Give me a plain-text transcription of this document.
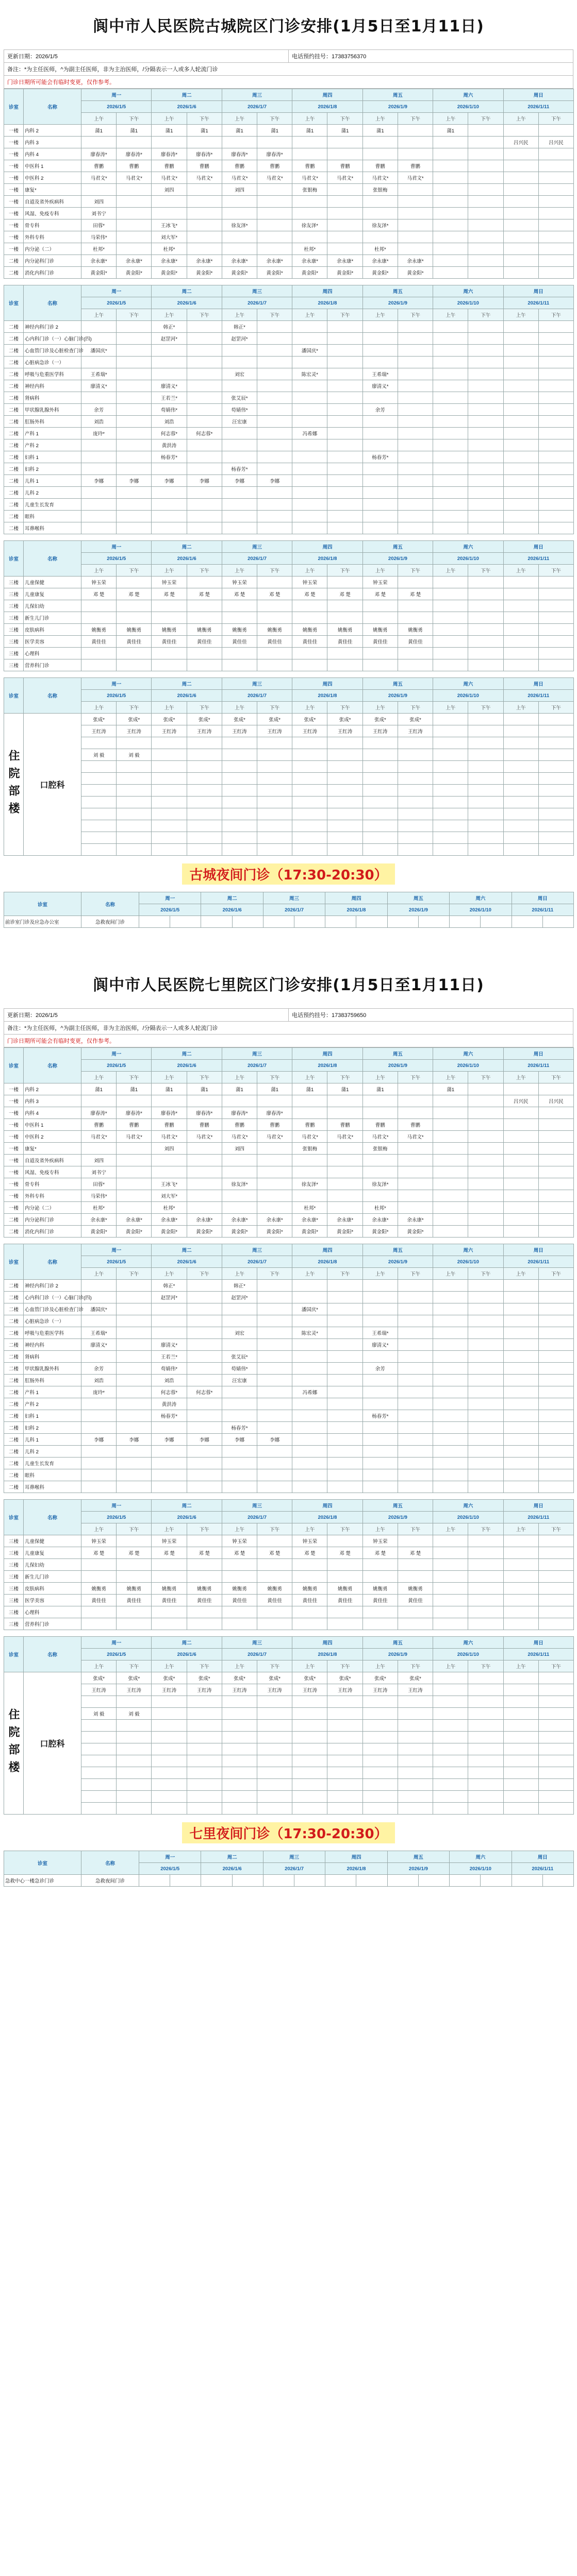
阆中市人民医院古城院区门诊安排(1月5日至1月11日)
更新日期：2026/1/5	电话预约挂号：17383756370
备注：*为主任医师，^为副主任医师，非为主治医师，/分隔表示一人或多人轮流门诊
门诊日期所可能会有临时变更，仅作参考。
诊室	名称	周一		周二		周三		周四		周五		周六		周日	
		2026/1/5		2026/1/6		2026/1/7		2026/1/8		2026/1/9		2026/1/10		2026/1/11	
		上午	下午	上午	下午	上午	下午	上午	下午	上午	下午	上午	下午	上午	下午
一楼	内科 2	蒲1	蒲1	蒲1	蒲1	蒲1	蒲1	蒲1	蒲1	蒲1		蒲1			
一楼	内科 3													吕兴民	吕兴民
一楼	内科 4	廖春涛*	廖春涛*	廖春涛*	廖春涛*	廖春涛*	廖春涛*								
一楼	中医科 1	曹鹏	曹鹏	曹鹏	曹鹏	曹鹏	曹鹏	曹鹏	曹鹏	曹鹏	曹鹏				
一楼	中医科 2	马君文*	马君文*	马君文*	马君文*	马君文*	马君文*	马君文*	马君文*	马君文*	马君文*				
一楼	康复*			刘四		刘四		张银梅		张银梅					
一楼	自道及省外疾病科	刘四													
一楼	风湿、免疫专科	刘书宁													
一楼	骨专科	田蓉*		王冰飞*		徐友泽*		徐友泽*		徐友泽*					
一楼	外科专科	马荣伟*		刘大军*											
一楼	内分泌（二）	杜邦*		杜邦*				杜邦*		杜邦*					
二楼	内分泌科门诊	余永康*	余永康*	余永康*	余永康*	余永康*	余永康*	余永康*	余永康*	余永康*	余永康*				
二楼	消化内科门诊	黄金阳*	黄金阳*	黄金阳*	黄金阳*	黄金阳*	黄金阳*	黄金阳*	黄金阳*	黄金阳*	黄金阳*				
诊室	名称	周一		周二		周三		周四		周五		周六		周日	
		2026/1/5		2026/1/6		2026/1/7		2026/1/8		2026/1/9		2026/1/10		2026/1/11	
		上午	下午	上午	下午	上午	下午	上午	下午	上午	下午	上午	下午	上午	下午
二楼	神经内科门诊 2			韩正*		韩正*									
二楼	心内科门诊（一）心脑门诊(四)			赵罡河*		赵罡河*									
二楼	心血管门诊及心脏检查门诊	潘国庆*						潘国庆*							
二楼	心脏病急诊（一）														
二楼	呼吸与危重医学科	王希瑞*				刘宏		陈宏灵*		王希瑞*					
二楼	神经内科	廖清义*		廖清义*						廖清义*					
二楼	肾病科			王若兰*		张艾辰*									
二楼	甲状腺乳腺外科	余芳		苟婧伟*		苟婧伟*				余芳					
二楼	肛肠外科	刘浩		刘浩		汪宏康									
二楼	产科 1	庞玲*		何志蓉*	何志蓉*			冯希娜							
二楼	产科 2			黄洪涛											
二楼	妇科 1			杨春芳*						杨春芳*					
二楼	妇科 2					杨春芳*									
二楼	儿科 1	李娜	李娜	李娜	李娜	李娜	李娜								
二楼	儿科 2														
二楼	儿童生长发育														
二楼	眼科														
二楼	耳鼻喉科														
诊室	名称	周一		周二		周三		周四		周五		周六		周日	
		2026/1/5		2026/1/6		2026/1/7		2026/1/8		2026/1/9		2026/1/10		2026/1/11	
		上午	下午	上午	下午	上午	下午	上午	下午	上午	下午	上午	下午	上午	下午
三楼	儿童保健	钟玉荣		钟玉荣		钟玉荣		钟玉荣		钟玉荣					
三楼	儿童康复	邓 楚	邓 楚	邓 楚	邓 楚	邓 楚	邓 楚	邓 楚	邓 楚	邓 楚	邓 楚				
三楼	儿保妇幼														
三楼	新生儿门诊														
三楼	皮肤病科	姚衡勇	姚衡勇	姚衡勇	姚衡勇	姚衡勇	姚衡勇	姚衡勇	姚衡勇	姚衡勇	姚衡勇				
三楼	医学美容	黄佳佳	黄佳佳	黄佳佳	黄佳佳	黄佳佳	黄佳佳	黄佳佳	黄佳佳	黄佳佳	黄佳佳				
三楼	心理科														
三楼	营养科门诊														
诊室	名称	周一		周二		周三		周四		周五		周六		周日	
		2026/1/5		2026/1/6		2026/1/7		2026/1/8		2026/1/9		2026/1/10		2026/1/11	
		上午	下午	上午	下午	上午	下午	上午	下午	上午	下午	上午	下午	上午	下午
住院部楼	口腔科	张成*	张成*	张成*	张成*	张成*	张成*	张成*	张成*	张成*	张成*				
		王红涛	王红涛	王红涛	王红涛	王红涛	王红涛	王红涛	王红涛	王红涛	王红涛				

		刘 毅	刘 毅												

古城夜间门诊（17:30-20:30）
诊室	名称	周一		周二		周三		周四		周五		周六		周日	
		2026/1/5		2026/1/6		2026/1/7		2026/1/8		2026/1/9		2026/1/10		2026/1/11	
前诊室门诊及应急办公室	急救夜间门诊														
阆中市人民医院七里院区门诊安排(1月5日至1月11日)
更新日期：2026/1/5	电话预约挂号：17383759650
备注：*为主任医师，^为副主任医师，非为主治医师，/分隔表示一人或多人轮流门诊
门诊日期所可能会有临时变更，仅作参考。
诊室	名称	周一		周二		周三		周四		周五		周六		周日	
		2026/1/5		2026/1/6		2026/1/7		2026/1/8		2026/1/9		2026/1/10		2026/1/11	
		上午	下午	上午	下午	上午	下午	上午	下午	上午	下午	上午	下午	上午	下午
一楼	内科 2	蒲1	蒲1	蒲1	蒲1	蒲1	蒲1	蒲1	蒲1	蒲1		蒲1			
一楼	内科 3													吕兴民	吕兴民
一楼	内科 4	廖春涛*	廖春涛*	廖春涛*	廖春涛*	廖春涛*	廖春涛*								
一楼	中医科 1	曹鹏	曹鹏	曹鹏	曹鹏	曹鹏	曹鹏	曹鹏	曹鹏	曹鹏	曹鹏				
一楼	中医科 2	马君文*	马君文*	马君文*	马君文*	马君文*	马君文*	马君文*	马君文*	马君文*	马君文*				
一楼	康复*			刘四		刘四		张银梅		张银梅					
一楼	自道及省外疾病科	刘四													
一楼	风湿、免疫专科	刘书宁													
一楼	骨专科	田蓉*		王冰飞*		徐友泽*		徐友泽*		徐友泽*					
一楼	外科专科	马荣伟*		刘大军*											
一楼	内分泌（二）	杜邦*		杜邦*				杜邦*		杜邦*					
二楼	内分泌科门诊	余永康*	余永康*	余永康*	余永康*	余永康*	余永康*	余永康*	余永康*	余永康*	余永康*				
二楼	消化内科门诊	黄金阳*	黄金阳*	黄金阳*	黄金阳*	黄金阳*	黄金阳*	黄金阳*	黄金阳*	黄金阳*	黄金阳*				
诊室	名称	周一		周二		周三		周四		周五		周六		周日	
		2026/1/5		2026/1/6		2026/1/7		2026/1/8		2026/1/9		2026/1/10		2026/1/11	
		上午	下午	上午	下午	上午	下午	上午	下午	上午	下午	上午	下午	上午	下午
二楼	神经内科门诊 2			韩正*		韩正*									
二楼	心内科门诊（一）心脑门诊(四)			赵罡河*		赵罡河*									
二楼	心血管门诊及心脏检查门诊	潘国庆*						潘国庆*							
二楼	心脏病急诊（一）														
二楼	呼吸与危重医学科	王希瑞*				刘宏		陈宏灵*		王希瑞*					
二楼	神经内科	廖清义*		廖清义*						廖清义*					
二楼	肾病科			王若兰*		张艾辰*									
二楼	甲状腺乳腺外科	余芳		苟婧伟*		苟婧伟*				余芳					
二楼	肛肠外科	刘浩		刘浩		汪宏康									
二楼	产科 1	庞玲*		何志蓉*	何志蓉*			冯希娜							
二楼	产科 2			黄洪涛											
二楼	妇科 1			杨春芳*						杨春芳*					
二楼	妇科 2					杨春芳*									
二楼	儿科 1	李娜	李娜	李娜	李娜	李娜	李娜								
二楼	儿科 2														
二楼	儿童生长发育														
二楼	眼科														
二楼	耳鼻喉科														
诊室	名称	周一		周二		周三		周四		周五		周六		周日	
		2026/1/5		2026/1/6		2026/1/7		2026/1/8		2026/1/9		2026/1/10		2026/1/11	
		上午	下午	上午	下午	上午	下午	上午	下午	上午	下午	上午	下午	上午	下午
三楼	儿童保健	钟玉荣		钟玉荣		钟玉荣		钟玉荣		钟玉荣					
三楼	儿童康复	邓 楚	邓 楚	邓 楚	邓 楚	邓 楚	邓 楚	邓 楚	邓 楚	邓 楚	邓 楚				
三楼	儿保妇幼														
三楼	新生儿门诊														
三楼	皮肤病科	姚衡勇	姚衡勇	姚衡勇	姚衡勇	姚衡勇	姚衡勇	姚衡勇	姚衡勇	姚衡勇	姚衡勇				
三楼	医学美容	黄佳佳	黄佳佳	黄佳佳	黄佳佳	黄佳佳	黄佳佳	黄佳佳	黄佳佳	黄佳佳	黄佳佳				
三楼	心理科														
三楼	营养科门诊														
诊室	名称	周一		周二		周三		周四		周五		周六		周日	
		2026/1/5		2026/1/6		2026/1/7		2026/1/8		2026/1/9		2026/1/10		2026/1/11	
		上午	下午	上午	下午	上午	下午	上午	下午	上午	下午	上午	下午	上午	下午
住院部楼	口腔科	张成*	张成*	张成*	张成*	张成*	张成*	张成*	张成*	张成*	张成*				
		王红涛	王红涛	王红涛	王红涛	王红涛	王红涛	王红涛	王红涛	王红涛	王红涛				

		刘 毅	刘 毅												

七里夜间门诊（17:30-20:30）
诊室	名称	周一		周二		周三		周四		周五		周六		周日	
		2026/1/5		2026/1/6		2026/1/7		2026/1/8		2026/1/9		2026/1/10		2026/1/11	
急救中心一楼急诊门诊	急救夜间门诊														
